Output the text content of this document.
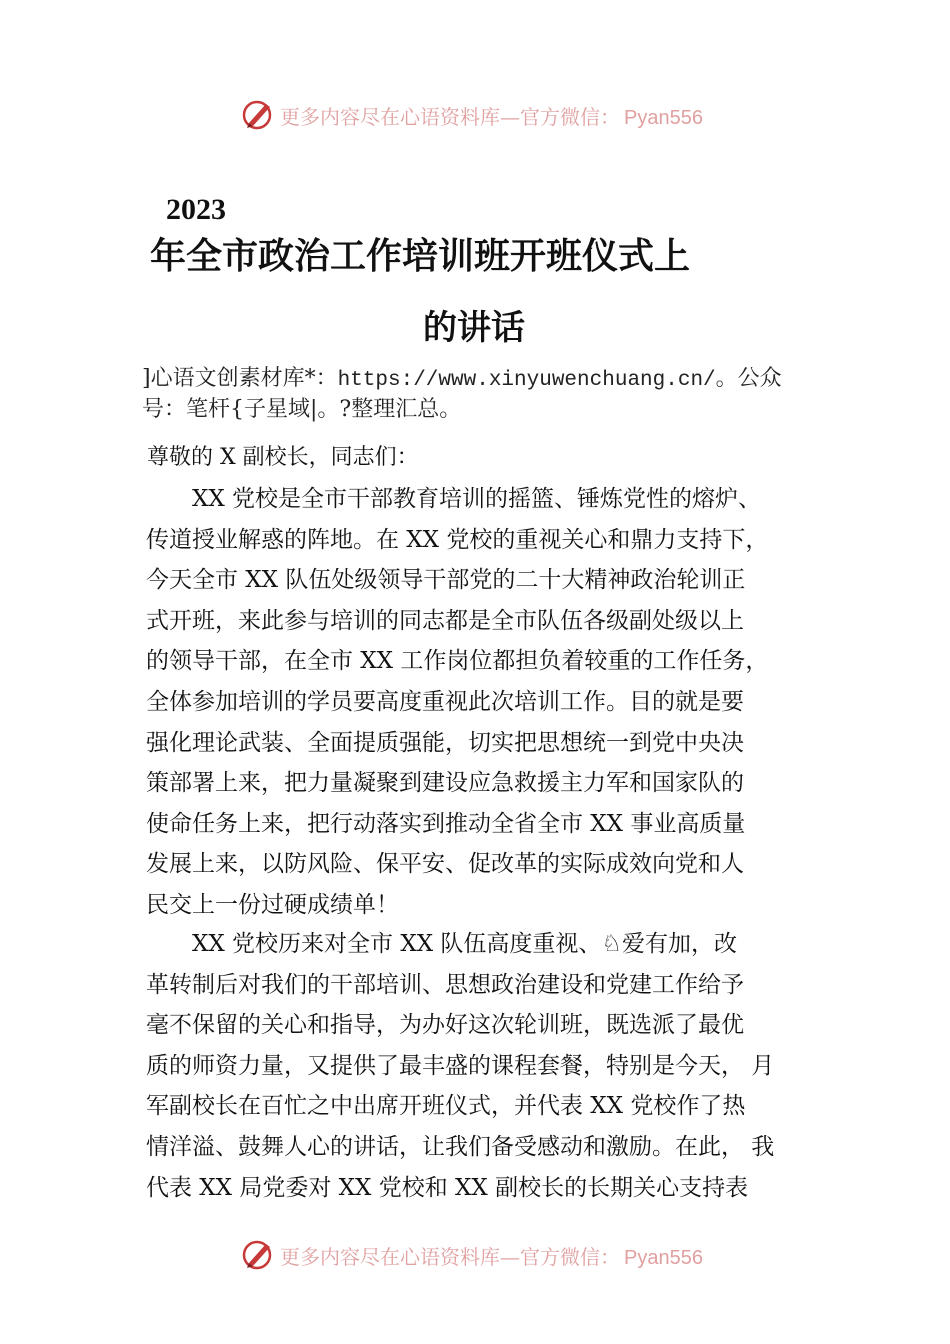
更多内容尽在心语资料库—官方微信： Pyan556
2023
年全市政治工作培训班开班仪式上
的讲话
]心语文创素材库*：https://www.xinyuwenchuang.cn/。公众
号：笔杆{子星域|。?整理汇总。
尊敬的 X 副校长，同志们：
　　XX 党校是全市干部教育培训的摇篮、锤炼党性的熔炉、
传道授业解惑的阵地。在 XX 党校的重视关心和鼎力支持下，
今天全市 XX 队伍处级领导干部党的二十大精神政治轮训正
式开班，来此参与培训的同志都是全市队伍各级副处级以上
的领导干部，在全市 XX 工作岗位都担负着较重的工作任务，
全体参加培训的学员要高度重视此次培训工作。目的就是要
强化理论武装、全面提质强能，切实把思想统一到党中央决
策部署上来，把力量凝聚到建设应急救援主力军和国家队的
使命任务上来，把行动落实到推动全省全市 XX 事业高质量
发展上来，以防风险、保平安、促改革的实际成效向党和人
民交上一份过硬成绩单！
　　XX 党校历来对全市 XX 队伍高度重视、♘爱有加，改
革转制后对我们的干部培训、思想政治建设和党建工作给予
毫不保留的关心和指导，为办好这次轮训班，既选派了最优
质的师资力量，又提供了最丰盛的课程套餐，特别是今天， 月
军副校长在百忙之中出席开班仪式，并代表 XX 党校作了热
情洋溢、鼓舞人心的讲话，让我们备受感动和激励。在此， 我
代表 XX 局党委对 XX 党校和 XX 副校长的长期关心支持表
更多内容尽在心语资料库—官方微信： Pyan556
